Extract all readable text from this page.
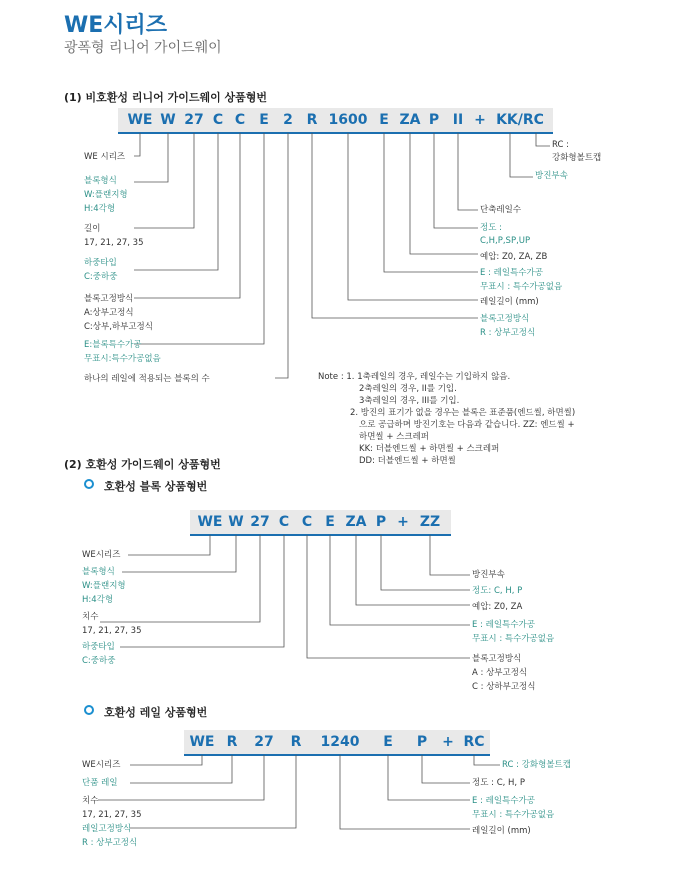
WE시리즈
광폭형 리니어 가이드웨이
(1) 비호환성 리니어 가이드웨이 상품형번
WE W 27 C C E 2 R 1600 E ZA P II + KK/RC
WE 시리즈
블록형식
W:플랜지형
H:4각형
길이
17, 21, 27, 35
하중타입
C:중하중
블록고정방식
A:상부고정식
C:상부,하부고정식
E:블록특수가공
무표시:특수가공없음
하나의 레일에 적용되는 블록의 수
RC :
강화형볼트캡
방진부속
단축레일수
정도 :
C,H,P,SP,UP
예압: Z0, ZA, ZB
E : 레일특수가공
무표시 : 특수가공없음
레일길이 (mm)
블록고정방식
R : 상부고정식
Note : 1. 1축레일의 경우, 레일수는 기입하지 않음.
2축레일의 경우, II를 기입.
3축레일의 경우, III를 기입.
2. 방진의 표기가 없을 경우는 블록은 표준품(엔드씰, 하면씰)
으로 공급하며 방진기호는 다음과 같습니다. ZZ: 엔드씰 +
하면씰 + 스크레퍼
KK: 더블엔드씰 + 하면씰 + 스크레퍼
DD: 더블엔드씰 + 하면씰
(2) 호환성 가이드웨이 상품형번
호환성 블록 상품형번
WE W 27 C C E ZA P + ZZ
WE시리즈
블록형식
W:플랜지형
H:4각형
치수
17, 21, 27, 35
하중타입
C:중하중
방진부속
정도: C, H, P
예압: Z0, ZA
E : 레일특수가공
무표시 : 특수가공없음
블록고정방식
A : 상부고정식
C : 상하부고정식
호환성 레일 상품형번
WE R 27 R 1240 E P + RC
WE시리즈
단품 레일
치수
17, 21, 27, 35
레일고정방식
R : 상부고정식
RC : 강화형볼트캡
정도 : C, H, P
E : 레일특수가공
무표시 : 특수가공없음
레일길이 (mm)
